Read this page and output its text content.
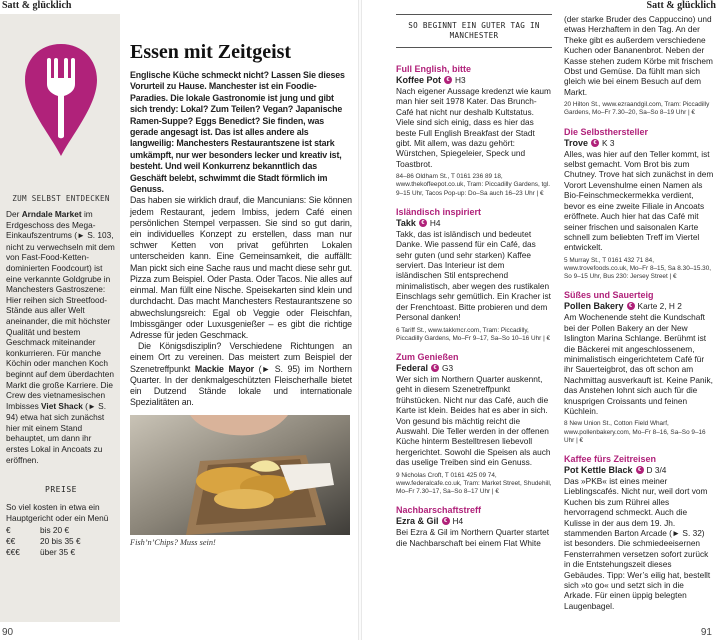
Satt & glücklich
ZUM SELBST ENTDECKEN
Der Arndale Market im Erdgeschoss des Mega-Einkaufszentrums (► S. 103, nicht zu verwechseln mit dem von Fast-Food-Ketten-dominierten Foodcourt) ist eine verkannte Goldgrube in Manchesters Gastroszene: Hier reihen sich Streetfood-Stände aus aller Welt aneinander, die mit höchster Qualität und bestem Geschmack miteinander konkurrieren. Für manche Köchin oder manchen Koch beginnt auf dem überdachten Markt die große Karriere. Die Crew des vietnamesischen Imbisses Viet Shack (► S. 94) etwa hat sich zunächst hier mit einem Stand behauptet, um dann ihr erstes Lokal in Ancoats zu eröffnen.
PREISE
So viel kosten in etwa ein Hauptgericht oder ein Menü
€	bis 20 €
€€	20 bis 35 €
€€€	über 35 €
Essen mit Zeitgeist

Englische Küche schmeckt nicht? Lassen Sie dieses Vorurteil zu Hause. Manchester ist ein Foodie-Paradies. Die lokale Gastronomie ist jung und gibt sich trendy: Lokal? Zum Teilen? Vegan? Japanische Ramen-Suppe? Eggs Benedict? Sie finden, was gerade angesagt ist. Das ist alles andere als langweilig: Manchesters Restaurantszene ist stark umkämpft, nur wer besonders lecker und kreativ ist, besteht. Und weil Konkurrenz bekanntlich das Geschäft belebt, schwimmt die Stadt förmlich im Genuss.

Das haben sie wirklich drauf, die Mancunians: Sie können jedem Restaurant, jedem Imbiss, jedem Café einen persönlichen Stempel verpassen. Sie sind so gut darin, ein individuelles Konzept zu erstellen, dass man nur schwer Ketten von privat geführten Lokalen unterscheiden kann. Eine Gemeinsamkeit, die auffällt: Man pickt sich eine Sache raus und macht diese sehr gut. Pizza zum Beispiel. Oder Pasta. Oder Tacos. Nie alles auf einmal. Man füllt eine Nische. Speisekarten sind klein und durchdacht. Das macht Manchesters Restaurantszene so abwechslungsreich: Egal ob Veggie oder Fleischfan, Imbissgänger oder Luxusgenießer – es gibt die richtige Adresse für jeden Geschmack.

Die Königsdisziplin? Verschiedene Richtungen an einem Ort zu vereinen. Das meistert zum Beispiel der Szenetreffpunkt Mackie Mayor (► S. 95) im Northern Quarter. In der denkmalgeschützten Fleischerhalle bietet ein Dutzend Stände lokale und internationale Spezialitäten an.

Fish’n’Chips? Muss sein!
90
Satt & glücklich
SO BEGINNT EIN GUTER TAG IN MANCHESTER
Full English, bitte
Koffee Pot € H3
Nach eigener Aussage kredenzt wie kaum man hier seit 1978 Kater. Das Brunch-Café hat nicht nur deshalb Kultstatus. Viele sind sich einig, dass es hier das beste Full English Breakfast der Stadt gibt. Mit allem, was dazu gehört: Würstchen, Spiegeleier, Speck und Toastbrot.
84–86 Oldham St., T 0161 236 89 18, www.thekoffeepot.co.uk, Tram: Piccadilly Gardens, tgl. 9–15 Uhr, Tacos Pop-up: Do–Sa auch 16–23 Uhr | €
Isländisch inspiriert
Takk € H4
Takk, das ist isländisch und bedeutet Danke. Wie passend für ein Café, das sehr guten (und sehr starken) Kaffee serviert. Das Interieur ist dem isländischen Stil entsprechend minimalistisch, aber wegen des rustikalen Einschlags sehr gemütlich. Ein Kracher ist der Frenchtoast. Bitte probieren und dem Personal danken!
6 Tariff St., www.takkmcr.com, Tram: Piccadilly, Piccadilly Gardens, Mo–Fr 9–17, Sa–So 10–16 Uhr | €
Zum Genießen
Federal € G3
Wer sich im Northern Quarter auskennt, geht in diesem Szenetreffpunkt frühstücken. Nicht nur das Café, auch die Karte ist klein. Beides hat es aber in sich. Von gesund bis mächtig reicht die Auswahl. Die Teller werden in der offenen Küche hinterm Bestelltresen liebevoll hergerichtet. Sowohl die Speisen als auch das uselige Treiben sind ein Genuss.
9 Nicholas Croft, T 0161 425 09 74, www.federalcafe.co.uk, Tram: Market Street, Shudehill, Mo–Fr 7.30–17, Sa–So 8–17 Uhr | €
Nachbarschaftstreff
Ezra & Gil € H4
Bei Ezra & Gil im Northern Quarter startet die Nachbarschaft bei einem Flat White
(der starke Bruder des Cappuccino) und etwas Herzhaftem in den Tag. An der Theke gibt es außerdem verschiedene Kuchen oder Bananenbrot. Neben der Kasse stehen zudem Körbe mit frischem Obst und Gemüse. Da fühlt man sich gleich wie bei einem Besuch auf dem Markt.
20 Hilton St., www.ezraandgil.com, Tram: Piccadilly Gardens, Mo–Fr 7.30–20, Sa–So 8–19 Uhr | €
Die Selbsthersteller
Trove € K 3
Alles, was hier auf den Teller kommt, ist selbst gemacht. Vom Brot bis zum Chutney. Trove hat sich zunächst in dem Vorort Levenshulme einen Namen als Bio-Feinschmeckermekka verdient, bevor es eine zweite Filiale in Ancoats eröffnete. Auch hier hat das Café mit seiner frischen und saisonalen Karte schnell zum beliebten Treff im Viertel entwickelt.
5 Murray St., T 0161 432 71 84, www.trovefoods.co.uk, Mo–Fr 8–15, Sa 8.30–15.30, So 9–15 Uhr, Bus 230: Jersey Street | €
Süßes und Sauerteig
Pollen Bakery € Karte 2, H 2
Am Wochenende steht die Kundschaft bei der Pollen Bakery an der New Islington Marina Schlange. Berühmt ist die Bäckerei mit angeschlossenem, minimalistisch eingerichtetem Café für ihr Sauerteigbrot, das oft schon am Nachmittag ausverkauft ist. Keine Panik, das Anstehen lohnt sich auch für die knusprigen Croissants und feinen Küchlein.
8 New Union St., Cotton Field Wharf, www.pollenbakery.com, Mo–Fr 8–16, Sa–So 9–16 Uhr | €
Kaffee fürs Zeitreisen
Pot Kettle Black € D 3/4
Das »PKB« ist eines meiner Lieblingscafés. Nicht nur, weil dort vom Kuchen bis zum Rührei alles hervorragend schmeckt. Auch die Kulisse in der aus dem 19. Jh. stammenden Barton Arcade (► S. 32) ist besonders. Die schmiedeeisernen Fensterrahmen versetzen sofort zurück in die Entstehungszeit dieses Gebäudes. Tipp: Wer’s eilig hat, bestellt sich »to go« und setzt sich in die Arkade. Für einen üppig belegten Laugenbagel.
91
